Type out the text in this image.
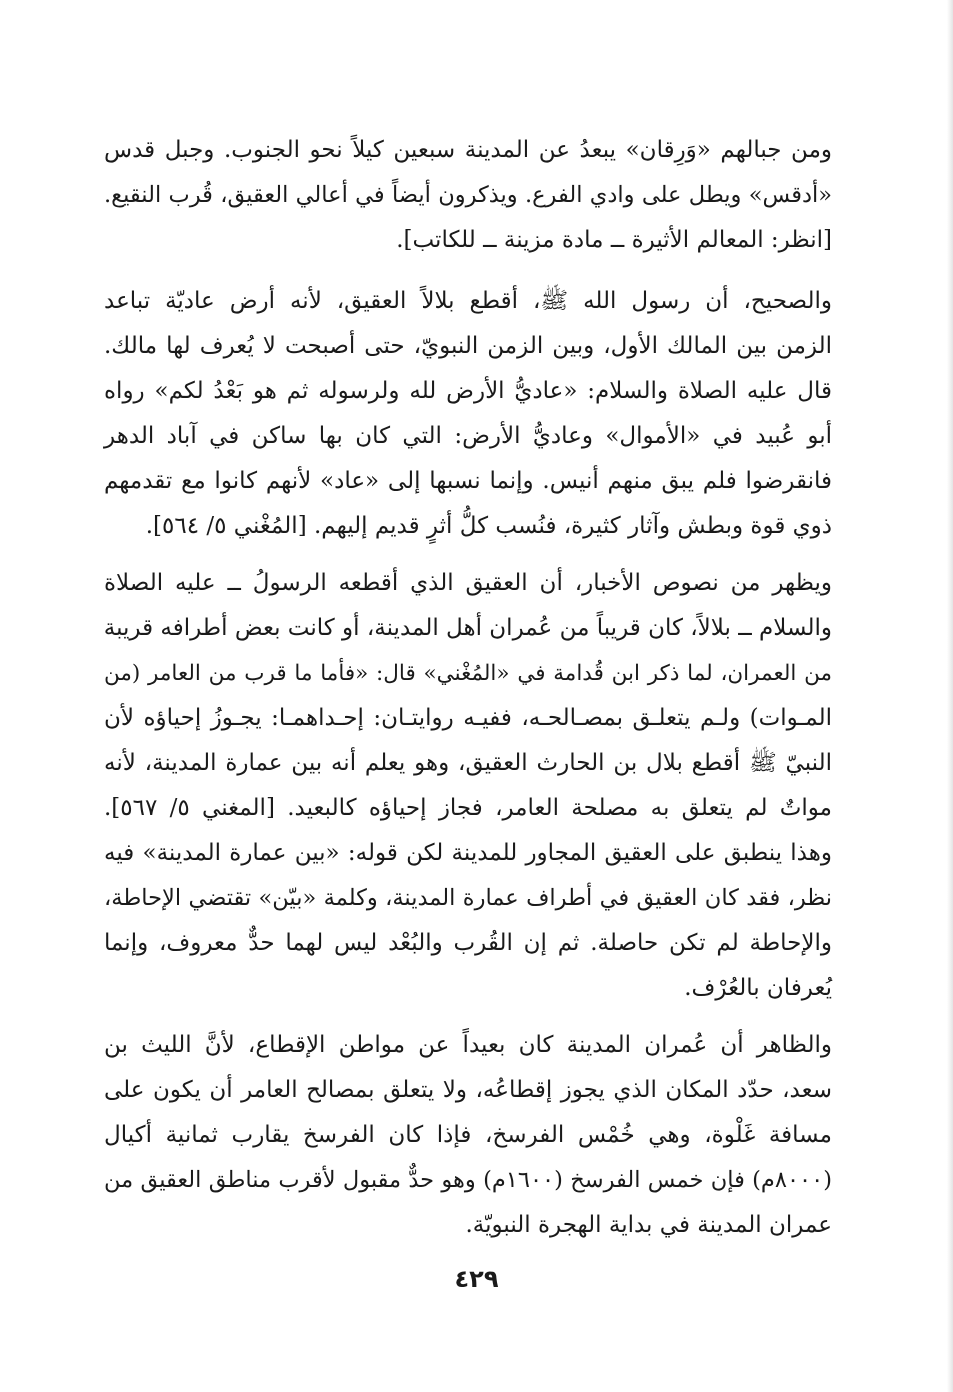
ومن جبالهم «وَرِقان» يبعدُ عن المدينة سبعين كيلاً نحو الجنوب. وجبل قدس
«أدقس» ويطل على وادي الفرع. ويذكرون أيضاً في أعالي العقيق، قُرب النقيع.
[انظر: المعالم الأثيرة ــ مادة مزينة ــ للكاتب].
والصحيح، أن رسول الله ﷺ، أقطع بلالاً العقيق، لأنه أرض عاديّة تباعد
الزمن بين المالك الأول، وبين الزمن النبويّ، حتى أصبحت لا يُعرف لها مالك.
قال عليه الصلاة والسلام: «عاديُّ الأرض لله ولرسوله ثم هو بَعْدُ لكم» رواه
أبو عُبيد في «الأموال» وعاديُّ الأرض: التي كان بها ساكن في آباد الدهر
فانقرضوا فلم يبق منهم أنيس. وإنما نسبها إلى «عاد» لأنهم كانوا مع تقدمهم
ذوي قوة وبطش وآثار كثيرة، فنُسب كلُّ أثرٍ قديم إليهم. [المُغْني ٥/ ٥٦٤].
ويظهر من نصوص الأخبار، أن العقيق الذي أقطعه الرسولُ ــ عليه الصلاة
والسلام ــ بلالاً، كان قريباً من عُمران أهل المدينة، أو كانت بعض أطرافه قريبة
من العمران، لما ذكر ابن قُدامة في «المُغْني» قال: «فأما ما قرب من العامر (من
المـوات) ولـم يتعلـق بمصـالحـه، ففيـه روايتـان: إحـداهمـا: يجـوزُ إحياؤه لأن
النبيّ ﷺ أقطع بلال بن الحارث العقيق، وهو يعلم أنه بين عمارة المدينة، لأنه
مواتٌ لم يتعلق به مصلحة العامر، فجاز إحياؤه كالبعيد. [المغني ٥/ ٥٦٧].
وهذا ينطبق على العقيق المجاور للمدينة لكن قوله: «بين عمارة المدينة» فيه
نظر، فقد كان العقيق في أطراف عمارة المدينة، وكلمة «بيّن» تقتضي الإحاطة،
والإحاطة لم تكن حاصلة. ثم إن القُرب والبُعْد ليس لهما حدٌّ معروف، وإنما
يُعرفان بالعُرْف.
والظاهر أن عُمران المدينة كان بعيداً عن مواطن الإقطاع، لأنَّ الليث بن
سعد، حدّد المكان الذي يجوز إقطاعُه، ولا يتعلق بمصالح العامر أن يكون على
مسافة غَلْوة، وهي خُمْس الفرسخ، فإذا كان الفرسخ يقارب ثمانية أكيال
(٨٠٠٠م) فإن خمس الفرسخ (١٦٠٠م) وهو حدٌّ مقبول لأقرب مناطق العقيق من
عمران المدينة في بداية الهجرة النبويّة.
٤٢٩
